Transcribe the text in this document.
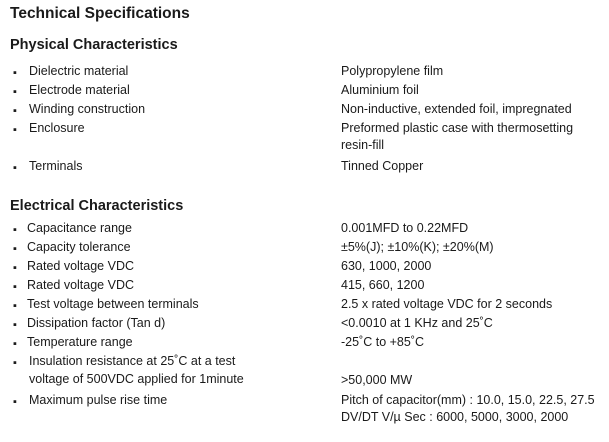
Technical Specifications
Physical Characteristics
▪ Dielectric material	Polypropylene film
▪ Electrode material	Aluminium foil
▪ Winding construction	Non-inductive, extended foil, impregnated
▪ Enclosure	Preformed plastic case with thermosetting
resin-fill
▪ Terminals	Tinned Copper
Electrical Characteristics
▪ Capacitance range	0.001MFD to 0.22MFD
▪ Capacity tolerance	±5%(J); ±10%(K); ±20%(M)
▪ Rated voltage VDC	630, 1000, 2000
▪ Rated voltage VDC	415, 660, 1200
▪ Test voltage between terminals	2.5 x rated voltage VDC for 2 seconds
▪ Dissipation factor (Tan d)	<0.0010 at 1 KHz and 25˚C
▪ Temperature range	-25˚C to +85˚C
▪ Insulation resistance at 25˚C at a test
voltage of 500VDC applied for 1minute	>50,000 MW
▪ Maximum pulse rise time	Pitch of capacitor(mm) : 10.0, 15.0, 22.5, 27.5
DV/DT V/µ Sec : 6000, 5000, 3000, 2000
